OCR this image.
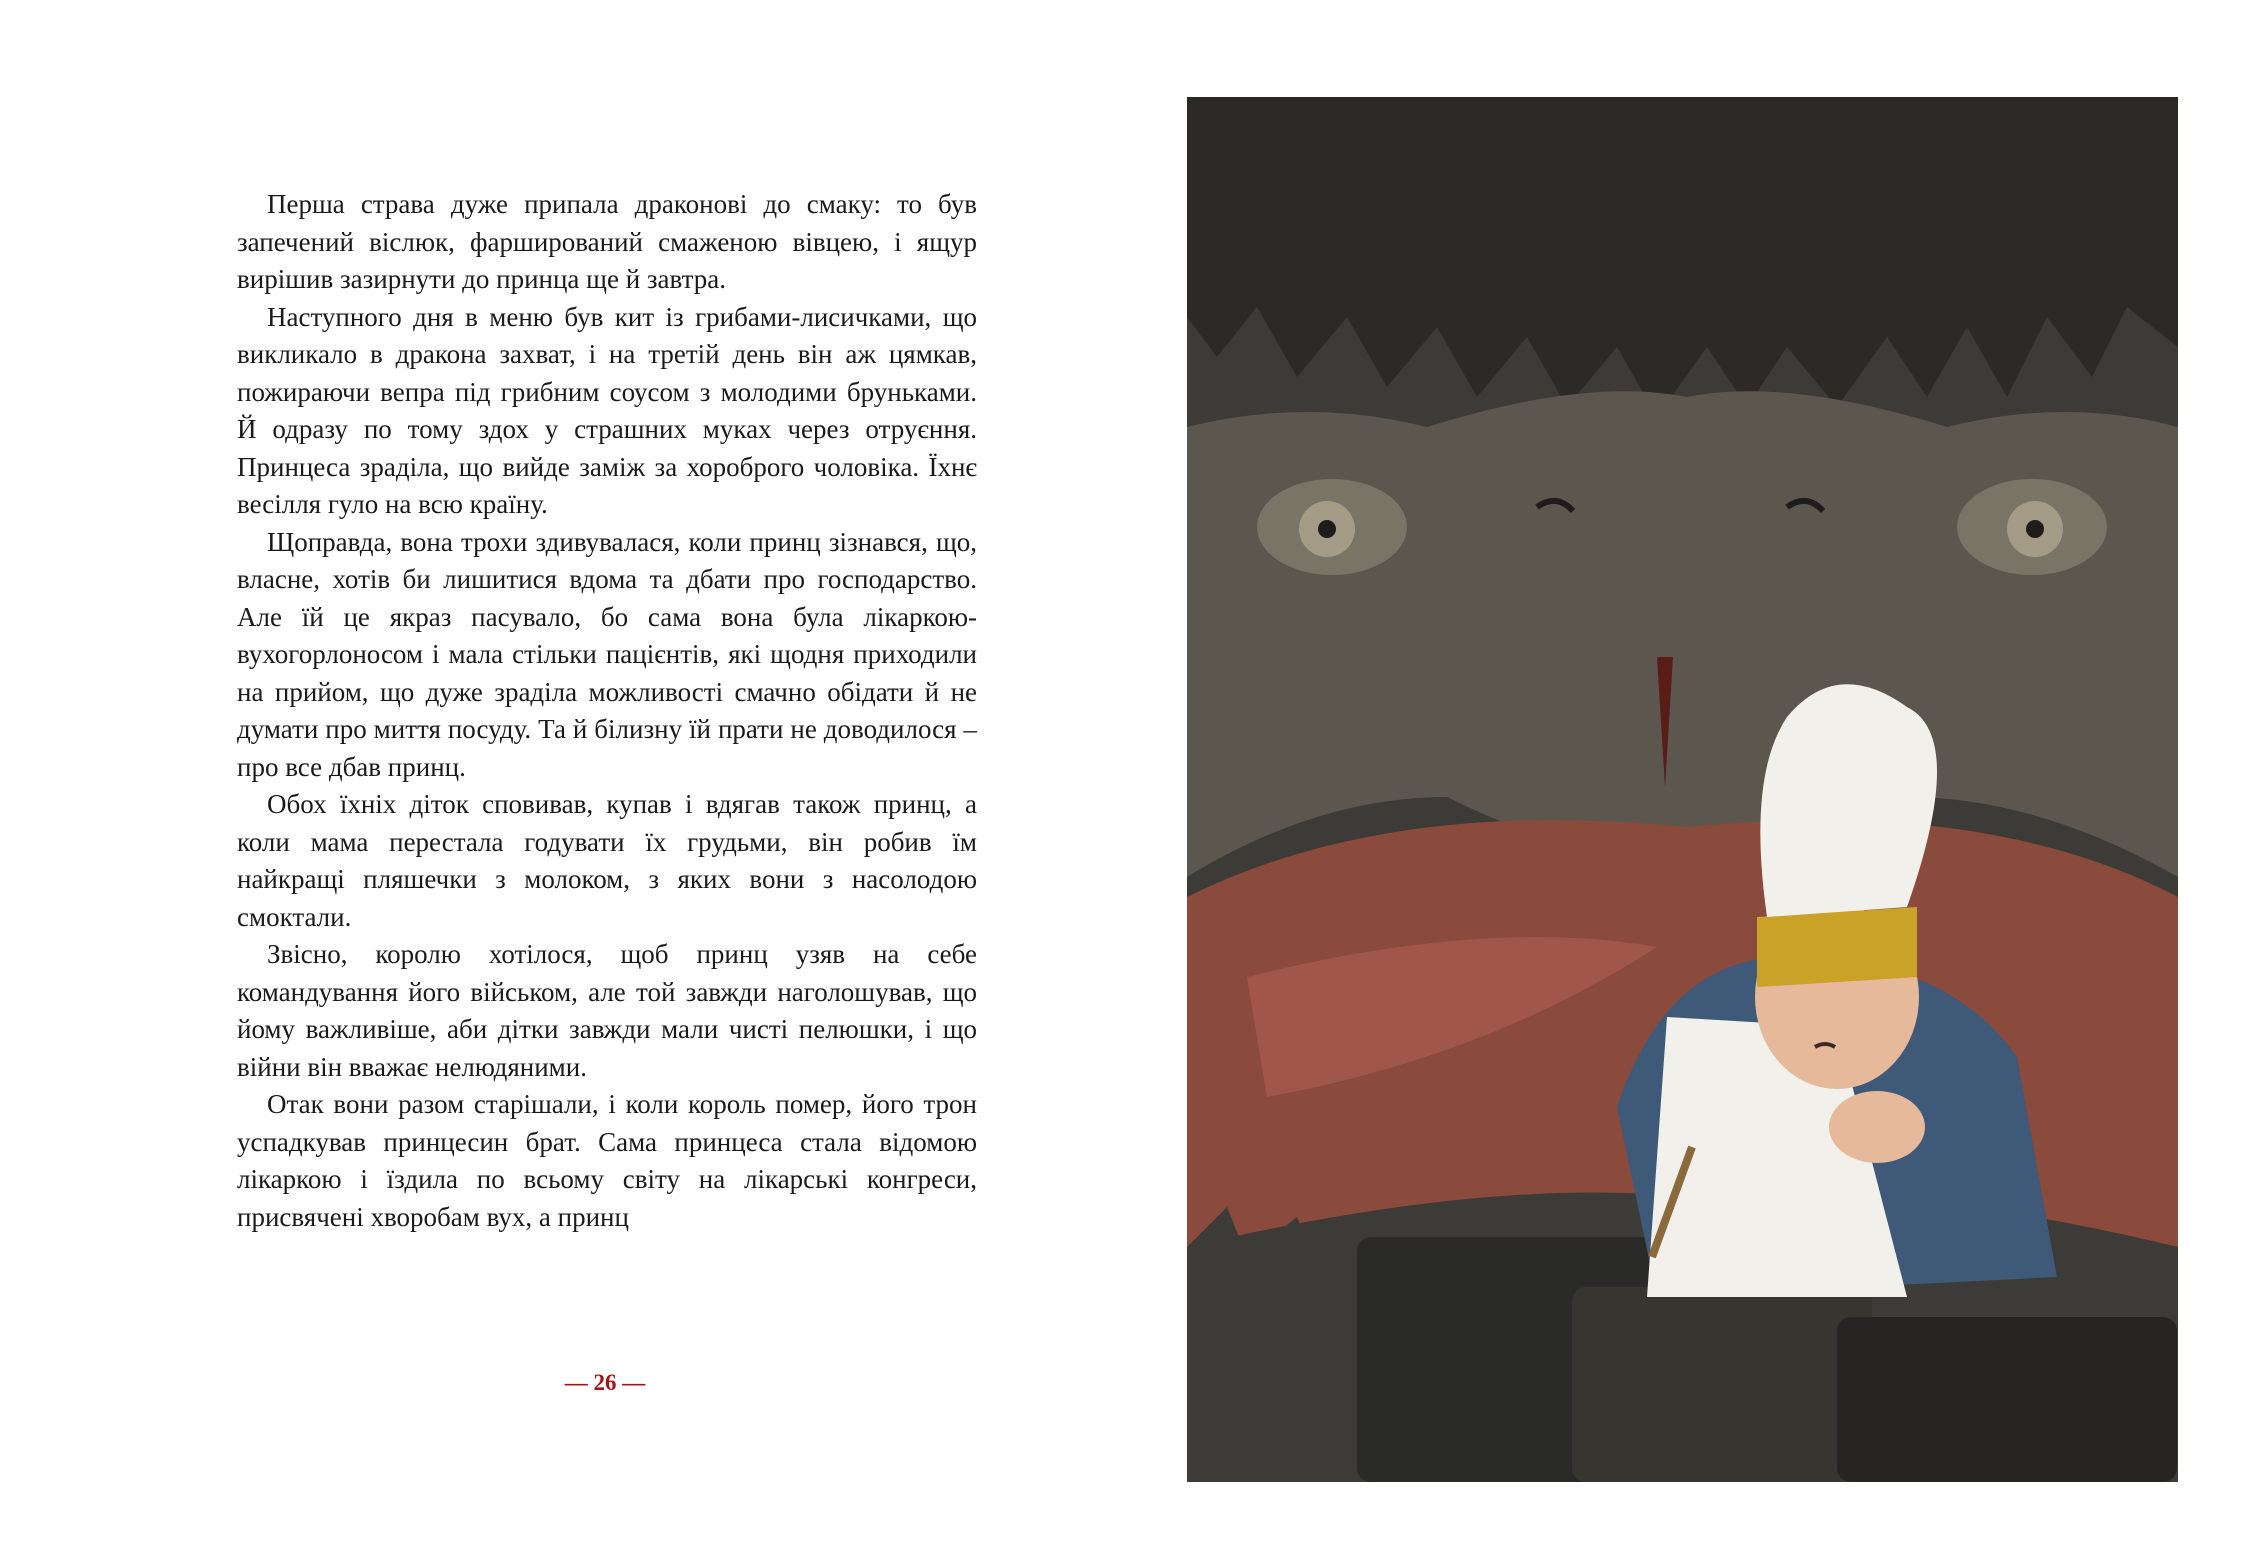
Перша страва дуже припала драконові до смаку: то був запечений віслюк, фарширований смаженою вівцею, і ящур вирішив зазирнути до принца ще й завтра.

Наступного дня в меню був кит із грибами-лисичками, що викликало в дракона захват, і на третій день він аж цямкав, пожираючи вепра під грибним соусом з молодими бруньками. Й одразу по тому здох у страшних муках через отруєння. Принцеса зраділа, що вийде заміж за хороброго чоловіка. Їхнє весілля гуло на всю країну.

Щоправда, вона трохи здивувалася, коли принц зізнався, що, власне, хотів би лишитися вдома та дбати про господарство. Але їй це якраз пасувало, бо сама вона була лікаркою-вухогорлоносом і мала стільки пацієнтів, які щодня приходили на прийом, що дуже зраділа можливості смачно обідати й не думати про миття посуду. Та й білизну їй прати не доводилося – про все дбав принц.

Обох їхніх діток сповивав, купав і вдягав також принц, а коли мама перестала годувати їх грудьми, він робив їм найкращі пляшечки з молоком, з яких вони з насолодою смоктали.

Звісно, королю хотілося, щоб принц узяв на себе командування його військом, але той завжди наголошував, що йому важливіше, аби дітки завжди мали чисті пелюшки, і що війни він вважає нелюдяними.

Отак вони разом старішали, і коли король помер, його трон успадкував принцесин брат. Сама принцеса стала відомою лікаркою і їздила по всьому світу на лікарські конгреси, присвячені хворобам вух, а принц

— 26 —
